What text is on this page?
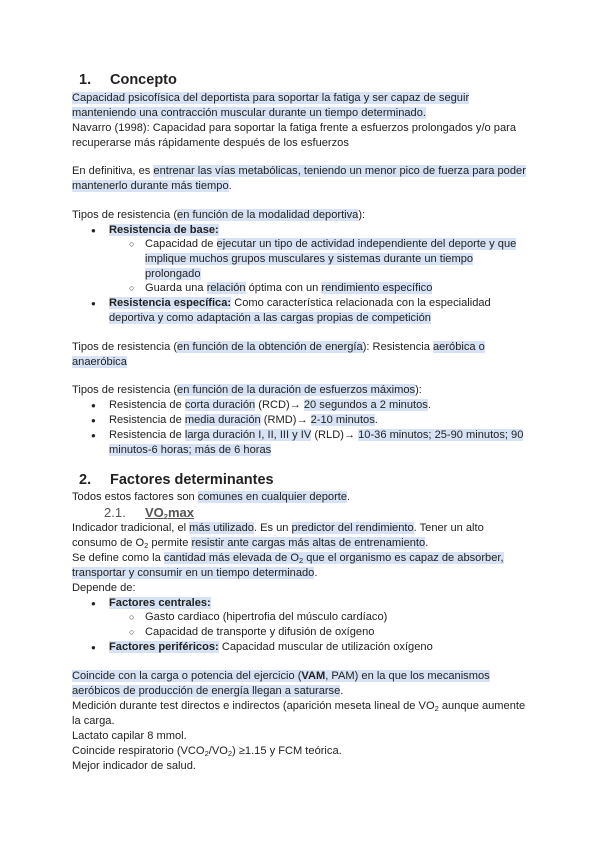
1. Concepto
Capacidad psicofísica del deportista para soportar la fatiga y ser capaz de seguir
manteniendo una contracción muscular durante un tiempo determinado.
Navarro (1998): Capacidad para soportar la fatiga frente a esfuerzos prolongados y/o para
recuperarse más rápidamente después de los esfuerzos
En definitiva, es entrenar las vías metabólicas, teniendo un menor pico de fuerza para poder
mantenerlo durante más tiempo.
Tipos de resistencia (en función de la modalidad deportiva):
● Resistencia de base:
○ Capacidad de ejecutar un tipo de actividad independiente del deporte y que
implique muchos grupos musculares y sistemas durante un tiempo
prolongado
○ Guarda una relación óptima con un rendimiento específico
● Resistencia específica: Como característica relacionada con la especialidad
deportiva y como adaptación a las cargas propias de competición
Tipos de resistencia (en función de la obtención de energía): Resistencia aeróbica o
anaeróbica
Tipos de resistencia (en función de la duración de esfuerzos máximos):
● Resistencia de corta duración (RCD)→ 20 segundos a 2 minutos.
● Resistencia de media duración (RMD)→ 2-10 minutos.
● Resistencia de larga duración I, II, III y IV (RLD)→ 10-36 minutos; 25-90 minutos; 90
minutos-6 horas; más de 6 horas
2. Factores determinantes
Todos estos factores son comunes en cualquier deporte.
2.1. $VO_2\max$
Indicador tradicional, el más utilizado. Es un predictor del rendimiento. Tener un alto
consumo de $O_2$ permite resistir ante cargas más altas de entrenamiento.
Se define como la cantidad más elevada de $O_2$ que el organismo es capaz de absorber,
transportar y consumir en un tiempo determinado.
Depende de:
● Factores centrales:
○ Gasto cardiaco (hipertrofia del músculo cardíaco)
○ Capacidad de transporte y difusión de oxígeno
● Factores periféricos: Capacidad muscular de utilización oxígeno
Coincide con la carga o potencia del ejercicio (VAM, PAM) en la que los mecanismos
aeróbicos de producción de energía llegan a saturarse.
Medición durante test directos e indirectos (aparición meseta lineal de $VO_2$ aunque aumente
la carga.
Lactato capilar 8 mmol.
Coincide respiratorio $(VCO_2/VO_2) \ge 1.15$ y FCM teórica.
Mejor indicador de salud.
